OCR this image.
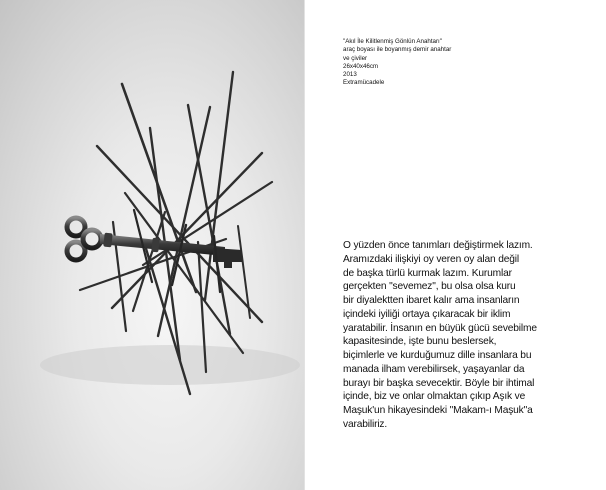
"Akıl İle Kilitlenmiş Gönlün Anahtarı"
araç boyası ile boyanmış demir anahtar
ve çiviler
26x40x46cm
2013
Extramücadele
O yüzden önce tanımları değiştirmek lazım.
Aramızdaki ilişkiyi oy veren oy alan değil
de başka türlü kurmak lazım. Kurumlar
gerçekten "sevemez", bu olsa olsa kuru
bir diyalektten ibaret kalır ama insanların
içindeki iyiliği ortaya çıkaracak bir iklim
yaratabilir. İnsanın en büyük gücü sevebilme
kapasitesinde, işte bunu beslersek,
biçimlerle ve kurduğumuz dille insanlara bu
manada ilham verebilirsek, yaşayanlar da
burayı bir başka sevecektir. Böyle bir ihtimal
içinde, biz ve onlar olmaktan çıkıp Aşık ve
Maşuk'un hikayesindeki "Makam-ı Maşuk"a
varabiliriz.
